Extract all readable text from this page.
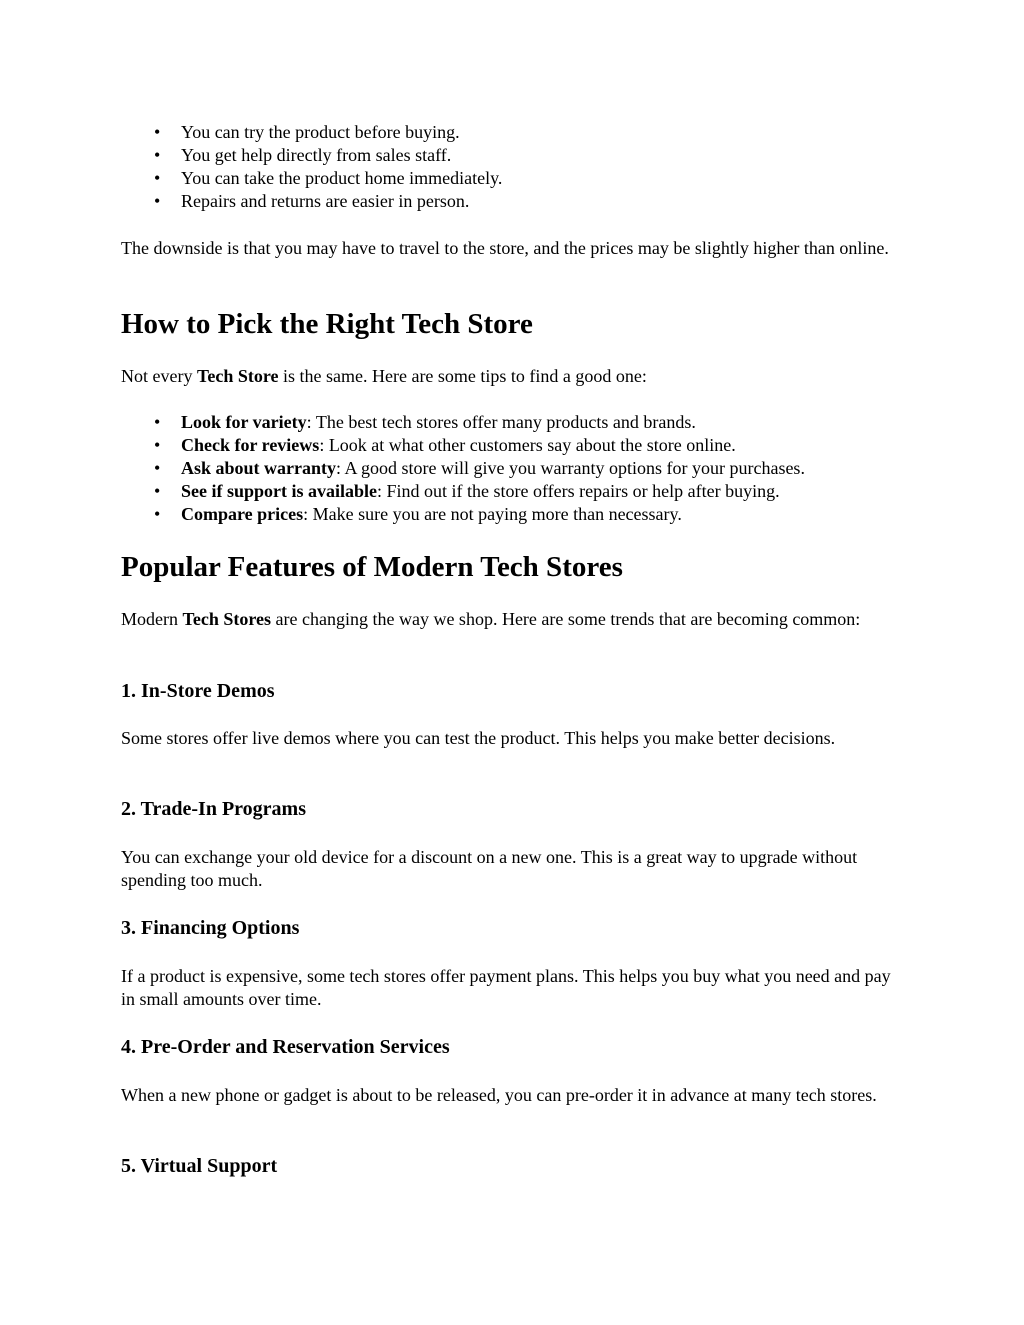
• You can try the product before buying.
• You get help directly from sales staff.
• You can take the product home immediately.
• Repairs and returns are easier in person.

The downside is that you may have to travel to the store, and the prices may be slightly higher than online.

How to Pick the Right Tech Store

Not every Tech Store is the same. Here are some tips to find a good one:

• Look for variety: The best tech stores offer many products and brands.
• Check for reviews: Look at what other customers say about the store online.
• Ask about warranty: A good store will give you warranty options for your purchases.
• See if support is available: Find out if the store offers repairs or help after buying.
• Compare prices: Make sure you are not paying more than necessary.
Popular Features of Modern Tech Stores

Modern Tech Stores are changing the way we shop. Here are some trends that are becoming common:

1. In-Store Demos

Some stores offer live demos where you can test the product. This helps you make better decisions.

2. Trade-In Programs

You can exchange your old device for a discount on a new one. This is a great way to upgrade without spending too much.

3. Financing Options

If a product is expensive, some tech stores offer payment plans. This helps you buy what you need and pay in small amounts over time.

4. Pre-Order and Reservation Services

When a new phone or gadget is about to be released, you can pre-order it in advance at many tech stores.

5. Virtual Support
